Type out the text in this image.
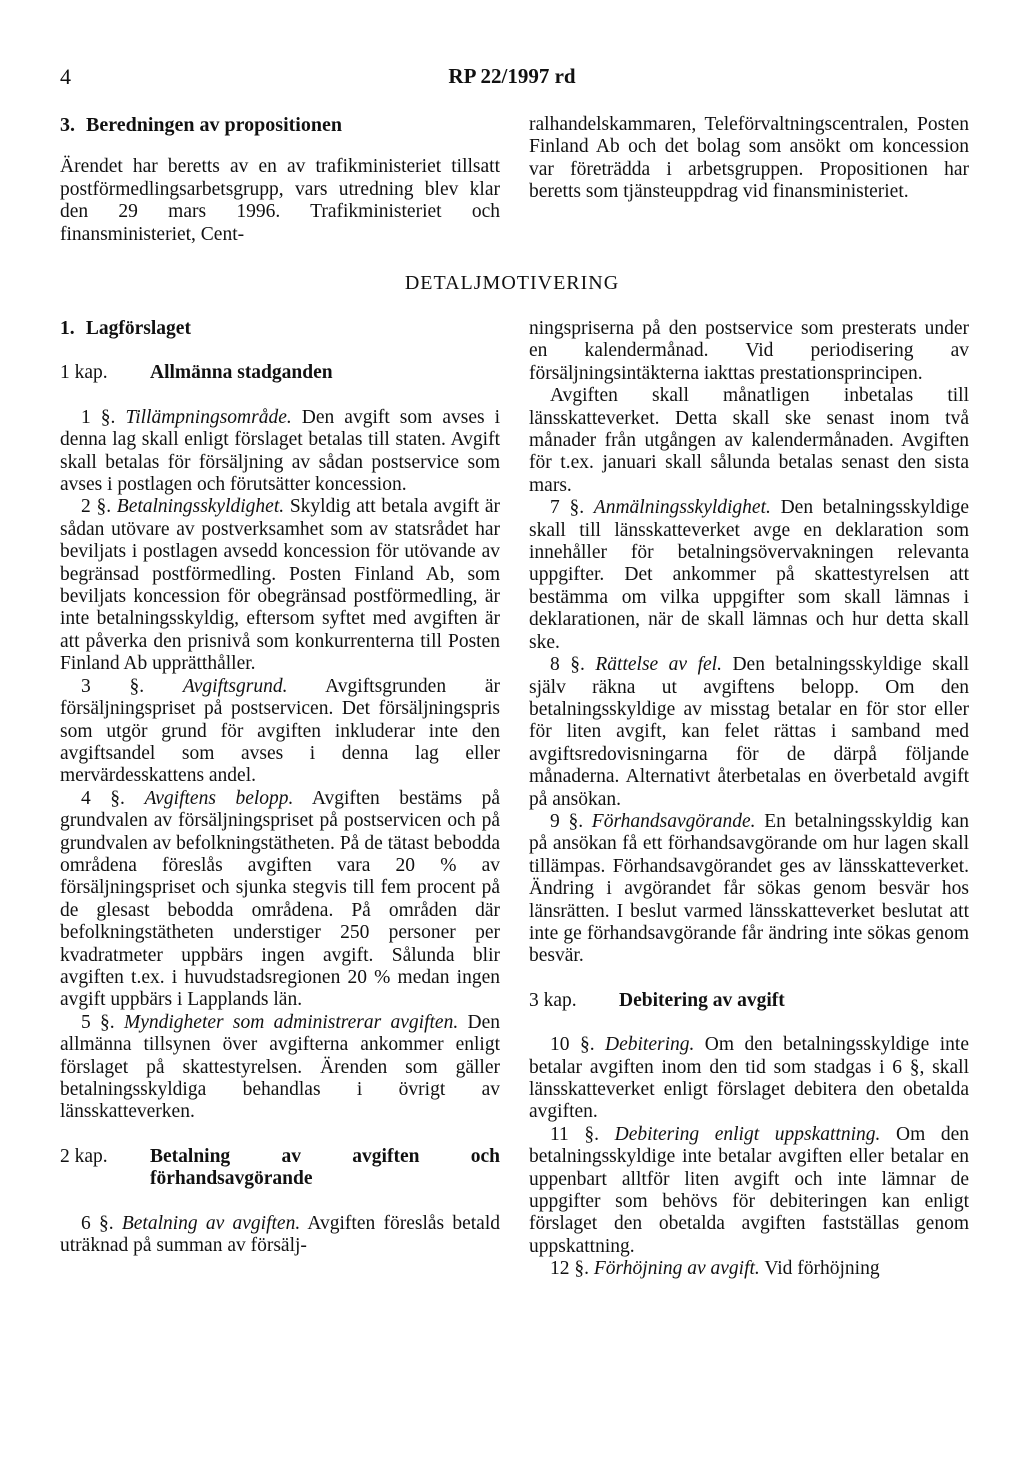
4	RP 22/1997 rd

3. Beredningen av propositionen

Ärendet har beretts av en av trafikministeriet tillsatt postförmedlingsarbetsgrupp, vars utredning blev klar den 29 mars 1996. Trafikministeriet och finansministeriet, Cent-

ralhandelskammaren, Teleförvaltningscentralen, Posten Finland Ab och det bolag som ansökt om koncession var företrädda i arbetsgruppen. Propositionen har beretts som tjänsteuppdrag vid finansministeriet.

DETALJMOTIVERING

1. Lagförslaget

1 kap.	Allmänna stadganden

1 §. Tillämpningsområde. Den avgift som avses i denna lag skall enligt förslaget betalas till staten. Avgift skall betalas för försäljning av sådan postservice som avses i postlagen och förutsätter koncession.

2 §. Betalningsskyldighet. Skyldig att betala avgift är sådan utövare av postverksamhet som av statsrådet har beviljats i postlagen avsedd koncession för utövande av begränsad postförmedling. Posten Finland Ab, som beviljats koncession för obegränsad postförmedling, är inte betalningsskyldig, eftersom syftet med avgiften är att påverka den prisnivå som konkurrenterna till Posten Finland Ab upprätthåller.

3 §. Avgiftsgrund. Avgiftsgrunden är försäljningspriset på postservicen. Det försäljningspris som utgör grund för avgiften inkluderar inte den avgiftsandel som avses i denna lag eller mervärdesskattens andel.

4 §. Avgiftens belopp. Avgiften bestäms på grundvalen av försäljningspriset på postservicen och på grundvalen av befolkningstätheten. På de tätast bebodda områdena föreslås avgiften vara 20 % av försäljningspriset och sjunka stegvis till fem procent på de glesast bebodda områdena. På områden där befolkningstätheten understiger 250 personer per kvadratmeter uppbärs ingen avgift. Sålunda blir avgiften t.ex. i huvudstadsregionen 20 % medan ingen avgift uppbärs i Lapplands län.

5 §. Myndigheter som administrerar avgiften. Den allmänna tillsynen över avgifterna ankommer enligt förslaget på skattestyrelsen. Ärenden som gäller betalningsskyldiga behandlas i övrigt av länsskatteverken.

2 kap.	Betalning av avgiften och förhandsavgörande

6 §. Betalning av avgiften. Avgiften föreslås betald uträknad på summan av försälj-

ningspriserna på den postservice som presterats under en kalendermånad. Vid periodisering av försäljningsintäkterna iakttas prestationsprincipen.

Avgiften skall månatligen inbetalas till länsskatteverket. Detta skall ske senast inom två månader från utgången av kalendermånaden. Avgiften för t.ex. januari skall sålunda betalas senast den sista mars.

7 §. Anmälningsskyldighet. Den betalningsskyldige skall till länsskatteverket avge en deklaration som innehåller för betalningsövervakningen relevanta uppgifter. Det ankommer på skattestyrelsen att bestämma om vilka uppgifter som skall lämnas i deklarationen, när de skall lämnas och hur detta skall ske.

8 §. Rättelse av fel. Den betalningsskyldige skall själv räkna ut avgiftens belopp. Om den betalningsskyldige av misstag betalar en för stor eller för liten avgift, kan felet rättas i samband med avgiftsredovisningarna för de därpå följande månaderna. Alternativt återbetalas en överbetald avgift på ansökan.

9 §. Förhandsavgörande. En betalningsskyldig kan på ansökan få ett förhandsavgörande om hur lagen skall tillämpas. Förhandsavgörandet ges av länsskatteverket. Ändring i avgörandet får sökas genom besvär hos länsrätten. I beslut varmed länsskatteverket beslutat att inte ge förhandsavgörande får ändring inte sökas genom besvär.

3 kap.	Debitering av avgift

10 §. Debitering. Om den betalningsskyldige inte betalar avgiften inom den tid som stadgas i 6 §, skall länsskatteverket enligt förslaget debitera den obetalda avgiften.

11 §. Debitering enligt uppskattning. Om den betalningsskyldige inte betalar avgiften eller betalar en uppenbart alltför liten avgift och inte lämnar de uppgifter som behövs för debiteringen kan enligt förslaget den obetalda avgiften fastställas genom uppskattning.

12 §. Förhöjning av avgift. Vid förhöjning
